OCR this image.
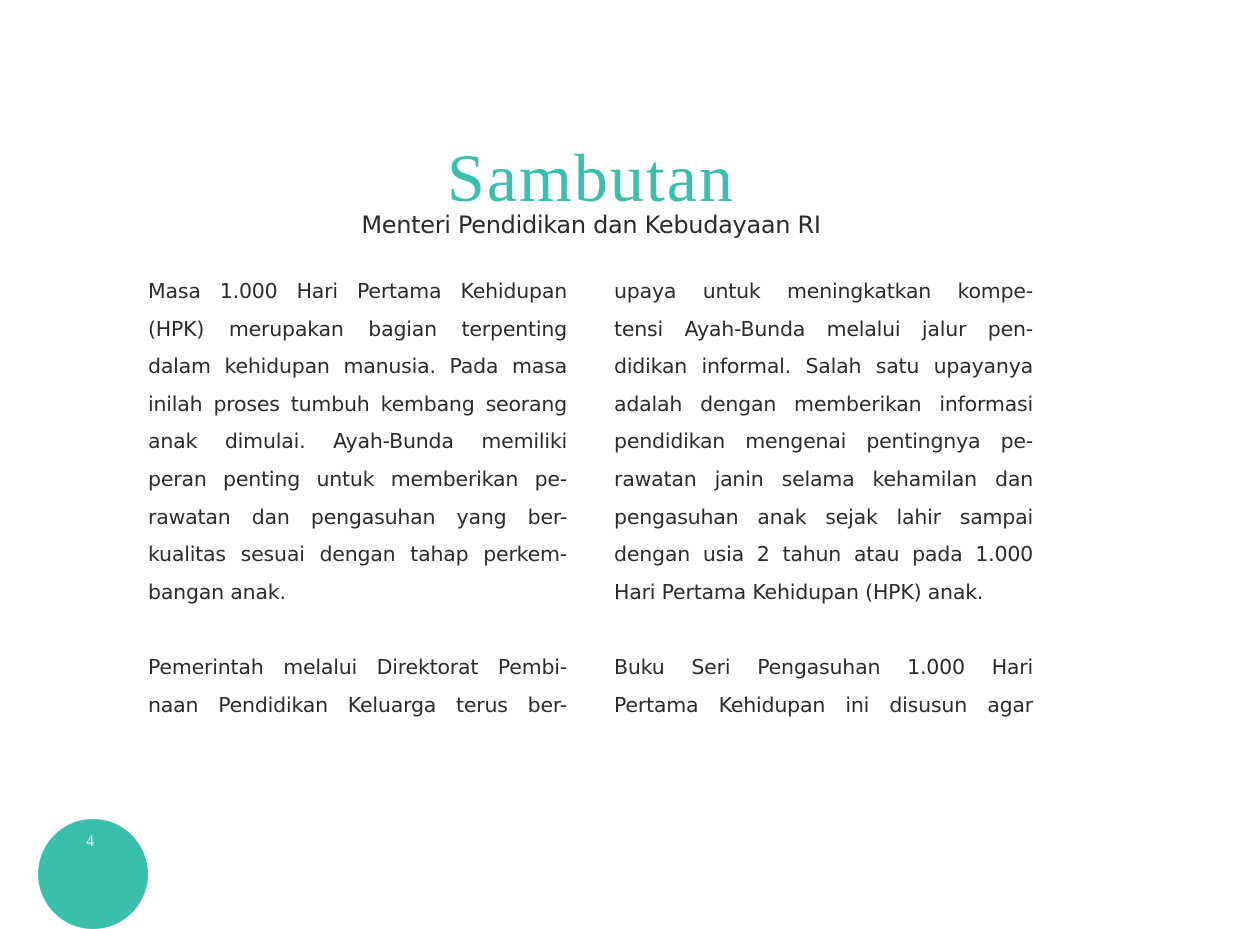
Sambutan
Menteri Pendidikan dan Kebudayaan RI

Masa 1.000 Hari Pertama Kehidupan
(HPK) merupakan bagian terpenting
dalam kehidupan manusia. Pada masa
inilah proses tumbuh kembang seorang
anak dimulai. Ayah-Bunda memiliki
peran penting untuk memberikan pe-
rawatan dan pengasuhan yang ber-
kualitas sesuai dengan tahap perkem-
bangan anak.

Pemerintah melalui Direktorat Pembi-
naan Pendidikan Keluarga terus ber-

upaya untuk meningkatkan kompe-
tensi Ayah-Bunda melalui jalur pen-
didikan informal. Salah satu upayanya
adalah dengan memberikan informasi
pendidikan mengenai pentingnya pe-
rawatan janin selama kehamilan dan
pengasuhan anak sejak lahir sampai
dengan usia 2 tahun atau pada 1.000
Hari Pertama Kehidupan (HPK) anak.

Buku Seri Pengasuhan 1.000 Hari
Pertama Kehidupan ini disusun agar

4
